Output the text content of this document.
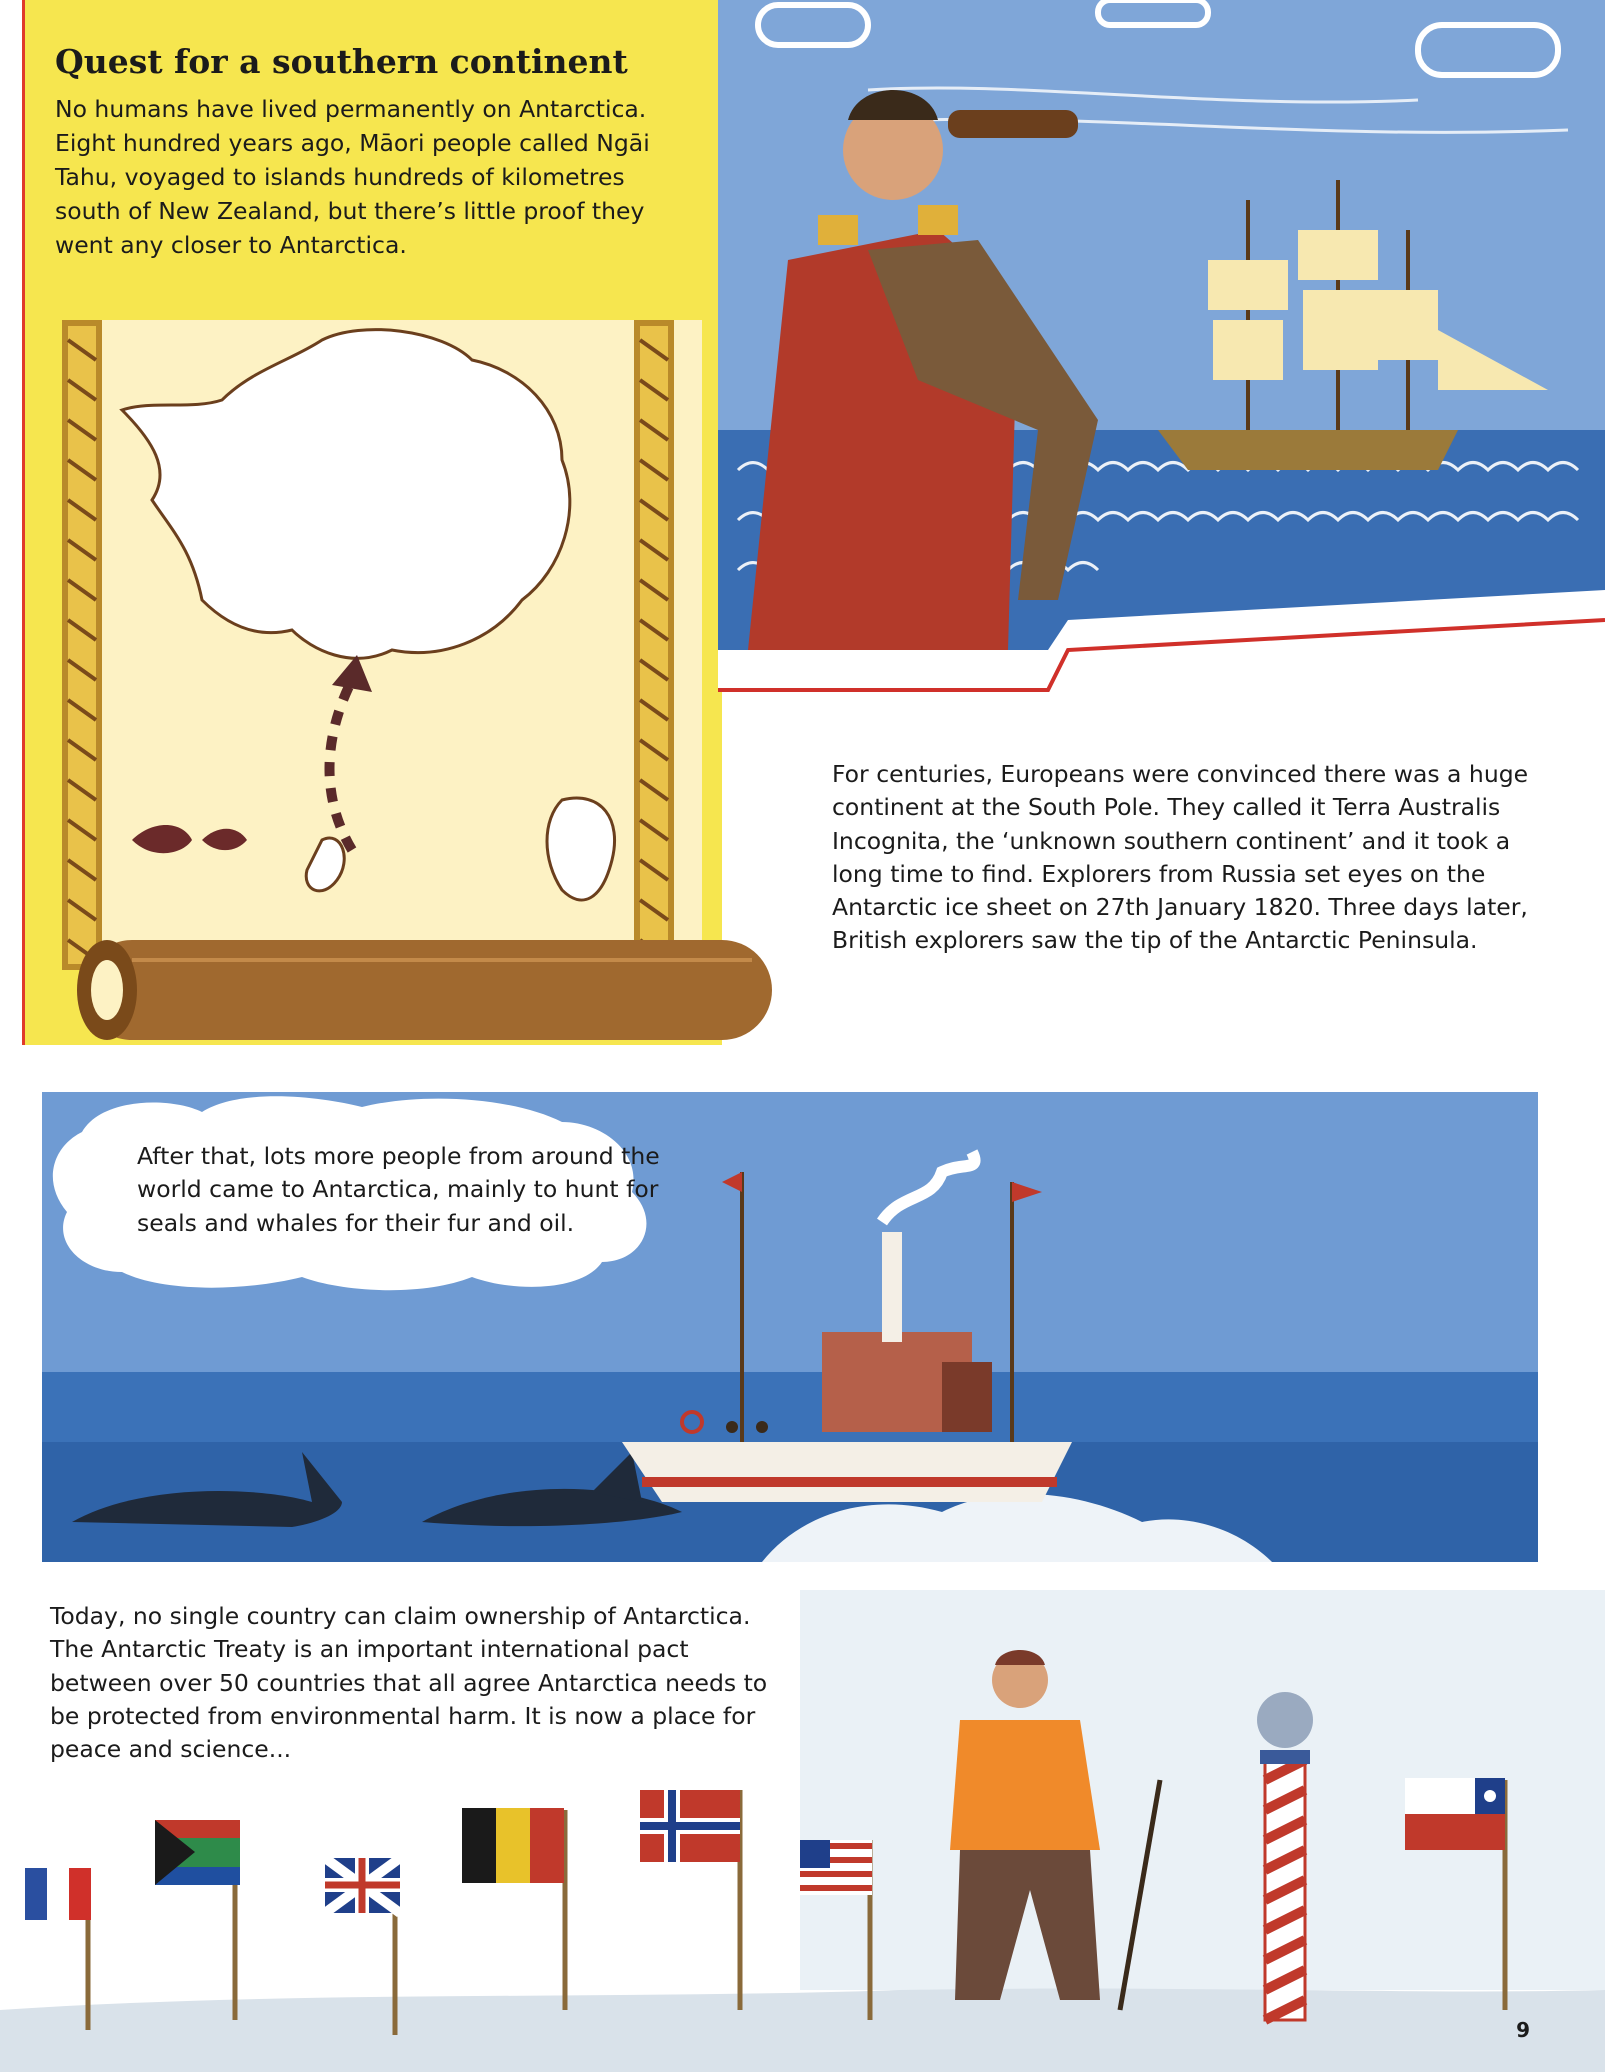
Quest for a southern continent

No humans have lived permanently on Antarctica. Eight hundred years ago, Māori people called Ngāi Tahu, voyaged to islands hundreds of kilometres south of New Zealand, but there’s little proof they went any closer to Antarctica.

For centuries, Europeans were convinced there was a huge continent at the South Pole. They called it Terra Australis Incognita, the ‘unknown southern continent’ and it took a long time to find. Explorers from Russia set eyes on the Antarctic ice sheet on 27th January 1820. Three days later, British explorers saw the tip of the Antarctic Peninsula.

After that, lots more people from around the world came to Antarctica, mainly to hunt for seals and whales for their fur and oil.

Today, no single country can claim ownership of Antarctica. The Antarctic Treaty is an important international pact between over 50 countries that all agree Antarctica needs to be protected from environmental harm. It is now a place for peace and science...

9
